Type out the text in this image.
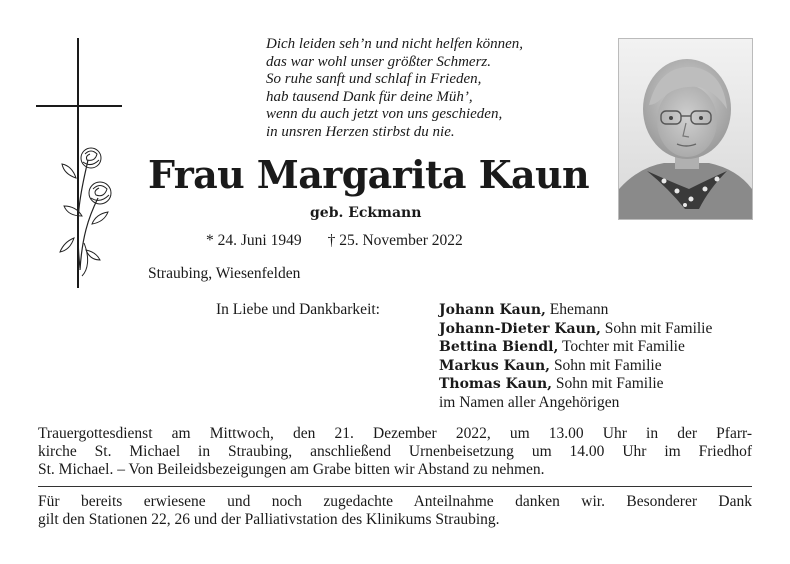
Dich leiden seh’n und nicht helfen können,
das war wohl unser größter Schmerz.
So ruhe sanft und schlaf in Frieden,
hab tausend Dank für deine Müh’,
wenn du auch jetzt von uns geschieden,
in unsren Herzen stirbst du nie.
Frau Margarita Kaun
geb. Eckmann
* 24. Juni 1949 † 25. November 2022
Straubing, Wiesenfelden
In Liebe und Dankbarkeit:	Johann Kaun, Ehemann
Johann-Dieter Kaun, Sohn mit Familie
Bettina Biendl, Tochter mit Familie
Markus Kaun, Sohn mit Familie
Thomas Kaun, Sohn mit Familie
im Namen aller Angehörigen
Trauergottesdienst am Mittwoch, den 21. Dezember 2022, um 13.00 Uhr in der Pfarr-
kirche St. Michael in Straubing, anschließend Urnenbeisetzung um 14.00 Uhr im Friedhof
St. Michael. – Von Beileidsbezeigungen am Grabe bitten wir Abstand zu nehmen.
Für bereits erwiesene und noch zugedachte Anteilnahme danken wir. Besonderer Dank
gilt den Stationen 22, 26 und der Palliativstation des Klinikums Straubing.
